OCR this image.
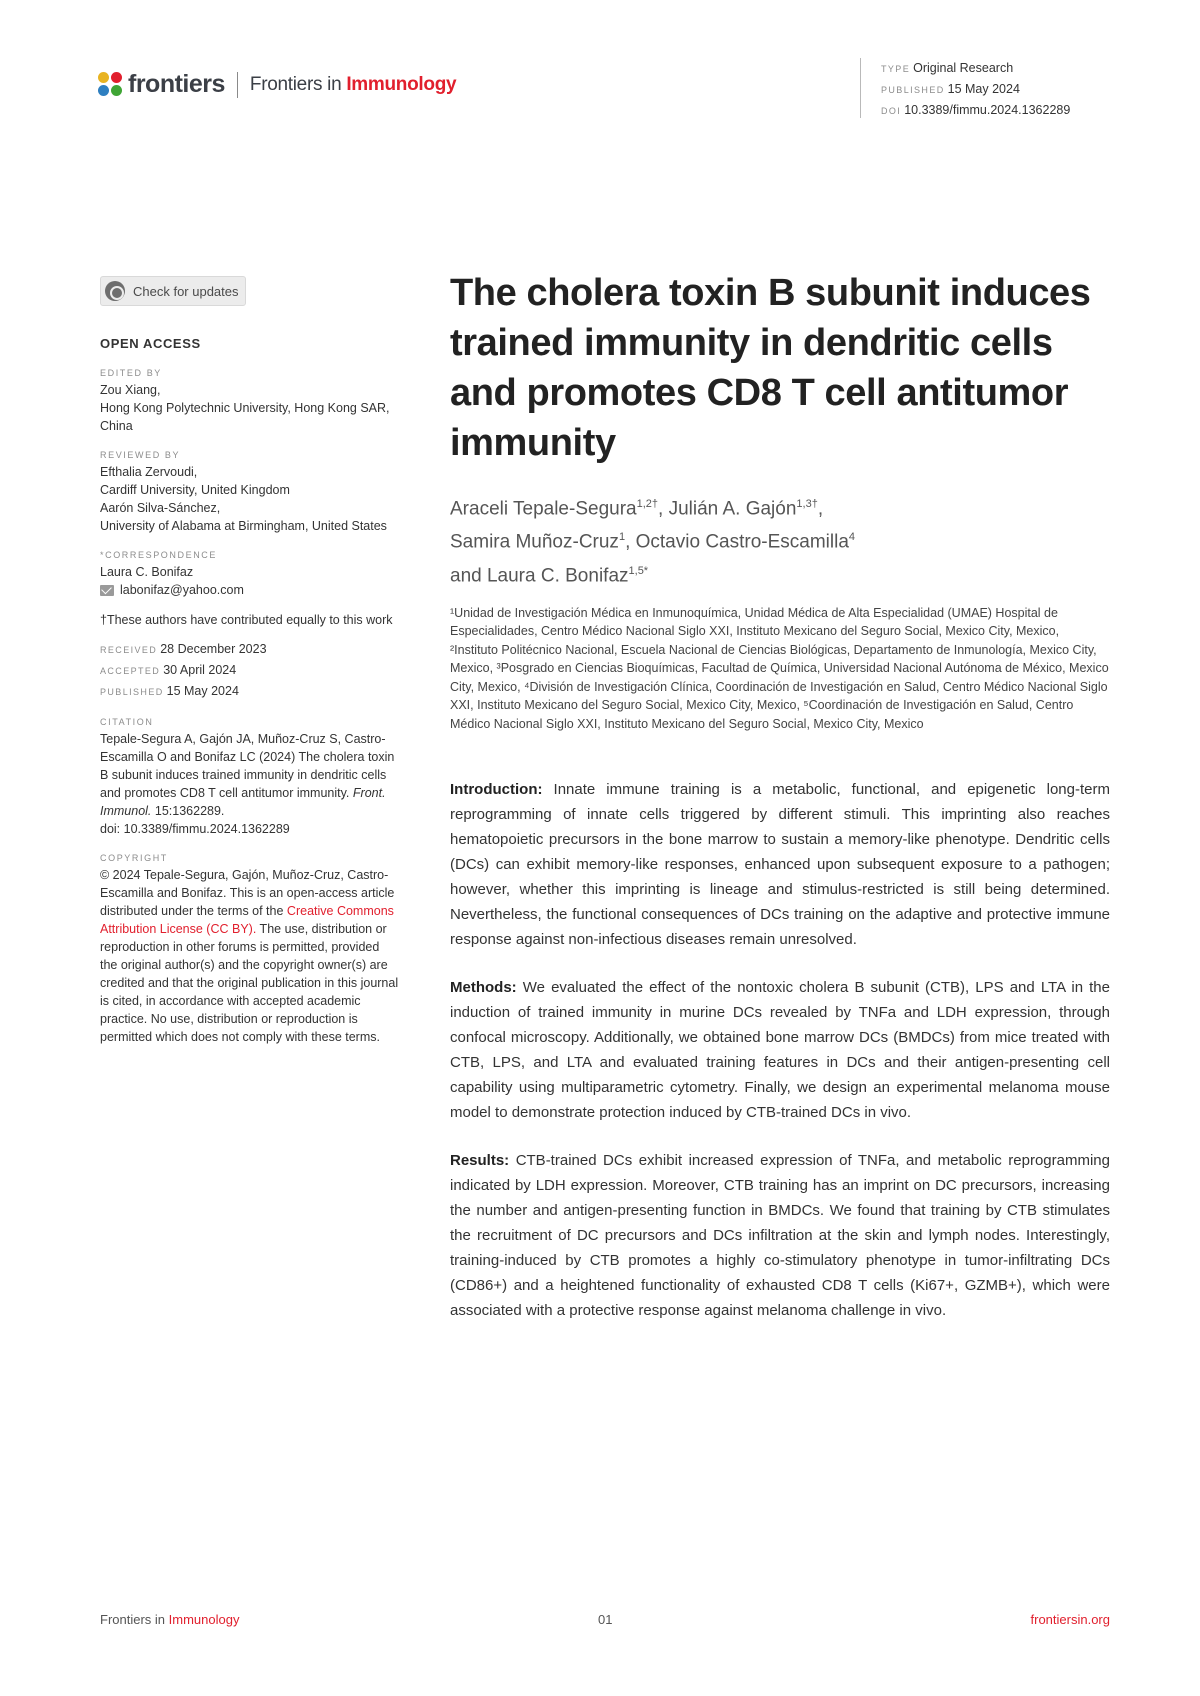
frontiers Frontiers in Immunology
TYPE Original Research
PUBLISHED 15 May 2024
DOI 10.3389/fimmu.2024.1362289
Check for updates
OPEN ACCESS
EDITED BY
Zou Xiang,
Hong Kong Polytechnic University, Hong Kong SAR, China
REVIEWED BY
Efthalia Zervoudi,
Cardiff University, United Kingdom
Aarón Silva-Sánchez,
University of Alabama at Birmingham, United States
*CORRESPONDENCE
Laura C. Bonifaz
labonifaz@yahoo.com
†These authors have contributed equally to this work
RECEIVED 28 December 2023
ACCEPTED 30 April 2024
PUBLISHED 15 May 2024
CITATION
Tepale-Segura A, Gajón JA, Muñoz-Cruz S, Castro-Escamilla O and Bonifaz LC (2024) The cholera toxin B subunit induces trained immunity in dendritic cells and promotes CD8 T cell antitumor immunity. Front. Immunol. 15:1362289.
doi: 10.3389/fimmu.2024.1362289
COPYRIGHT
© 2024 Tepale-Segura, Gajón, Muñoz-Cruz, Castro-Escamilla and Bonifaz. This is an open-access article distributed under the terms of the Creative Commons Attribution License (CC BY). The use, distribution or reproduction in other forums is permitted, provided the original author(s) and the copyright owner(s) are credited and that the original publication in this journal is cited, in accordance with accepted academic practice. No use, distribution or reproduction is permitted which does not comply with these terms.
The cholera toxin B subunit induces trained immunity in dendritic cells and promotes CD8 T cell antitumor immunity
Araceli Tepale-Segura$^{1,2\dagger}$, Julián A. Gajón$^{1,3\dagger}$,
Samira Muñoz-Cruz$^1$, Octavio Castro-Escamilla$^4$
and Laura C. Bonifaz$^{1,5*}$
¹Unidad de Investigación Médica en Inmunoquímica, Unidad Médica de Alta Especialidad (UMAE) Hospital de Especialidades, Centro Médico Nacional Siglo XXI, Instituto Mexicano del Seguro Social, Mexico City, Mexico, ²Instituto Politécnico Nacional, Escuela Nacional de Ciencias Biológicas, Departamento de Inmunología, Mexico City, Mexico, ³Posgrado en Ciencias Bioquímicas, Facultad de Química, Universidad Nacional Autónoma de México, Mexico City, Mexico, ⁴División de Investigación Clínica, Coordinación de Investigación en Salud, Centro Médico Nacional Siglo XXI, Instituto Mexicano del Seguro Social, Mexico City, Mexico, ⁵Coordinación de Investigación en Salud, Centro Médico Nacional Siglo XXI, Instituto Mexicano del Seguro Social, Mexico City, Mexico

Introduction: Innate immune training is a metabolic, functional, and epigenetic long-term reprogramming of innate cells triggered by different stimuli. This imprinting also reaches hematopoietic precursors in the bone marrow to sustain a memory-like phenotype. Dendritic cells (DCs) can exhibit memory-like responses, enhanced upon subsequent exposure to a pathogen; however, whether this imprinting is lineage and stimulus-restricted is still being determined. Nevertheless, the functional consequences of DCs training on the adaptive and protective immune response against non-infectious diseases remain unresolved.

Methods: We evaluated the effect of the nontoxic cholera B subunit (CTB), LPS and LTA in the induction of trained immunity in murine DCs revealed by TNFa and LDH expression, through confocal microscopy. Additionally, we obtained bone marrow DCs (BMDCs) from mice treated with CTB, LPS, and LTA and evaluated training features in DCs and their antigen-presenting cell capability using multiparametric cytometry. Finally, we design an experimental melanoma mouse model to demonstrate protection induced by CTB-trained DCs in vivo.

Results: CTB-trained DCs exhibit increased expression of TNFa, and metabolic reprogramming indicated by LDH expression. Moreover, CTB training has an imprint on DC precursors, increasing the number and antigen-presenting function in BMDCs. We found that training by CTB stimulates the recruitment of DC precursors and DCs infiltration at the skin and lymph nodes. Interestingly, training-induced by CTB promotes a highly co-stimulatory phenotype in tumor-infiltrating DCs (CD86+) and a heightened functionality of exhausted CD8 T cells (Ki67+, GZMB+), which were associated with a protective response against melanoma challenge in vivo.

Frontiers in Immunology	01	frontiersin.org
